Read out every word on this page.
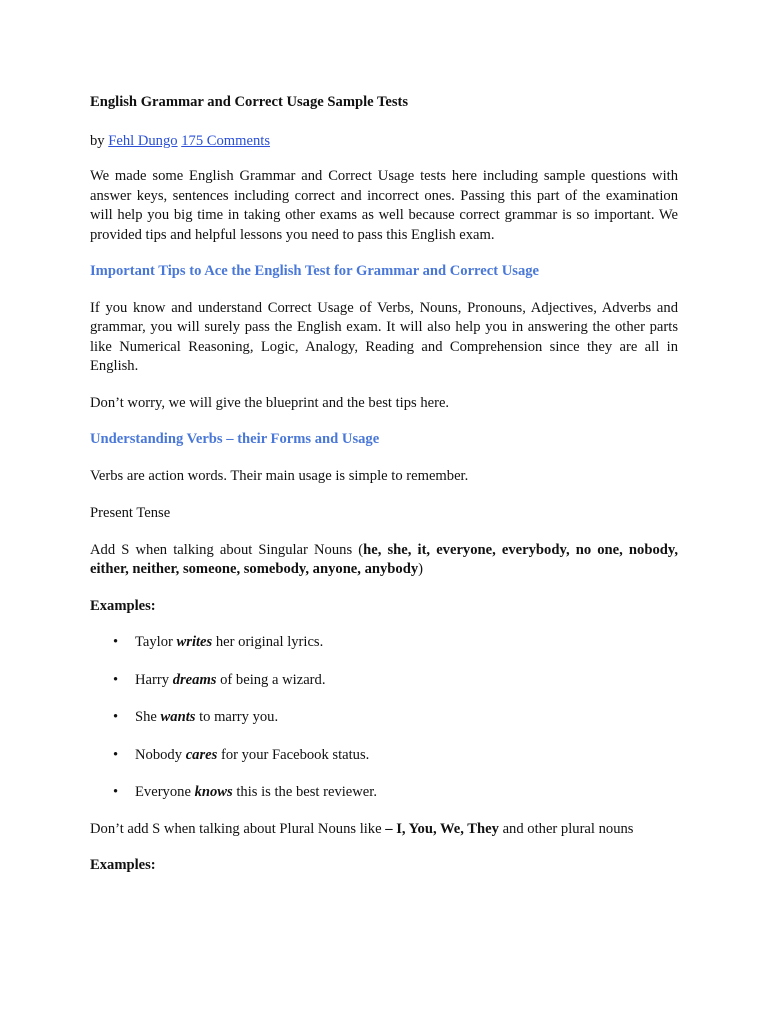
English Grammar and Correct Usage Sample Tests

by Fehl Dungo 175 Comments

We made some English Grammar and Correct Usage tests here including sample questions with answer keys, sentences including correct and incorrect ones. Passing this part of the examination will help you big time in taking other exams as well because correct grammar is so important. We provided tips and helpful lessons you need to pass this English exam.

Important Tips to Ace the English Test for Grammar and Correct Usage

If you know and understand Correct Usage of Verbs, Nouns, Pronouns, Adjectives, Adverbs and grammar, you will surely pass the English exam. It will also help you in answering the other parts like Numerical Reasoning, Logic, Analogy, Reading and Comprehension since they are all in English.

Don’t worry, we will give the blueprint and the best tips here.

Understanding Verbs – their Forms and Usage

Verbs are action words. Their main usage is simple to remember.

Present Tense

Add S when talking about Singular Nouns (he, she, it, everyone, everybody, no one, nobody, either, neither, someone, somebody, anyone, anybody)

Examples:

• Taylor writes her original lyrics.
• Harry dreams of being a wizard.
• She wants to marry you.
• Nobody cares for your Facebook status.
• Everyone knows this is the best reviewer.

Don’t add S when talking about Plural Nouns like – I, You, We, They and other plural nouns

Examples:
